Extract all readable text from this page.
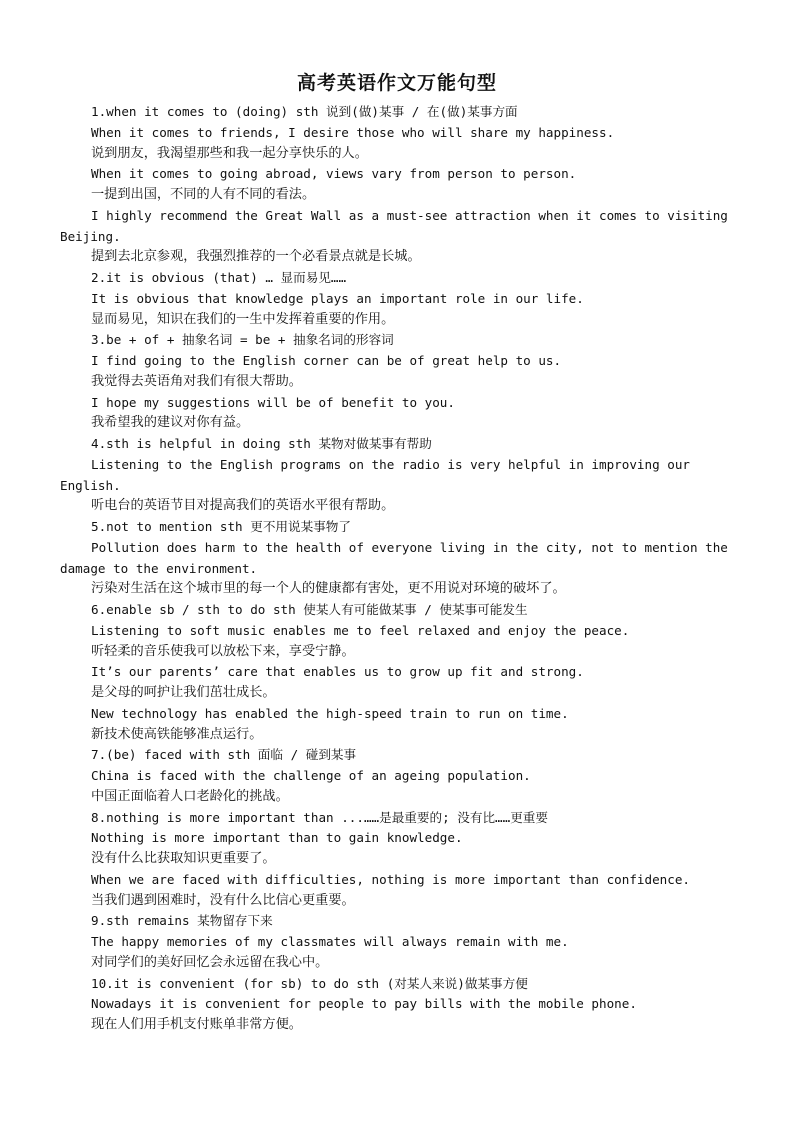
高考英语作文万能句型

1.when it comes to (doing) sth 说到(做)某事 / 在(做)某事方面

When it comes to friends, I desire those who will share my happiness.

说到朋友，我渴望那些和我一起分享快乐的人。

When it comes to going abroad, views vary from person to person.

一提到出国，不同的人有不同的看法。

I highly recommend the Great Wall as a must-see attraction when it comes to visiting Beijing.

提到去北京参观，我强烈推荐的一个必看景点就是长城。

2.it is obvious (that) … 显而易见……

It is obvious that knowledge plays an important role in our life.

显而易见，知识在我们的一生中发挥着重要的作用。

3.be + of + 抽象名词 = be + 抽象名词的形容词

I find going to the English corner can be of great help to us.

我觉得去英语角对我们有很大帮助。

I hope my suggestions will be of benefit to you.

我希望我的建议对你有益。

4.sth is helpful in doing sth 某物对做某事有帮助

Listening to the English programs on the radio is very helpful in improving our English.

听电台的英语节目对提高我们的英语水平很有帮助。

5.not to mention sth 更不用说某事物了

Pollution does harm to the health of everyone living in the city, not to mention the damage to the environment.

污染对生活在这个城市里的每一个人的健康都有害处，更不用说对环境的破坏了。

6.enable sb / sth to do sth 使某人有可能做某事 / 使某事可能发生

Listening to soft music enables me to feel relaxed and enjoy the peace.

听轻柔的音乐使我可以放松下来，享受宁静。

It’s our parents’ care that enables us to grow up fit and strong.

是父母的呵护让我们茁壮成长。

New technology has enabled the high-speed train to run on time.

新技术使高铁能够准点运行。

7.(be) faced with sth 面临 / 碰到某事

China is faced with the challenge of an ageing population.

中国正面临着人口老龄化的挑战。

8.nothing is more important than ...……是最重要的; 没有比……更重要

Nothing is more important than to gain knowledge.

没有什么比获取知识更重要了。

When we are faced with difficulties, nothing is more important than confidence.

当我们遇到困难时，没有什么比信心更重要。

9.sth remains 某物留存下来

The happy memories of my classmates will always remain with me.

对同学们的美好回忆会永远留在我心中。

10.it is convenient (for sb) to do sth (对某人来说)做某事方便

Nowadays it is convenient for people to pay bills with the mobile phone.

现在人们用手机支付账单非常方便。
